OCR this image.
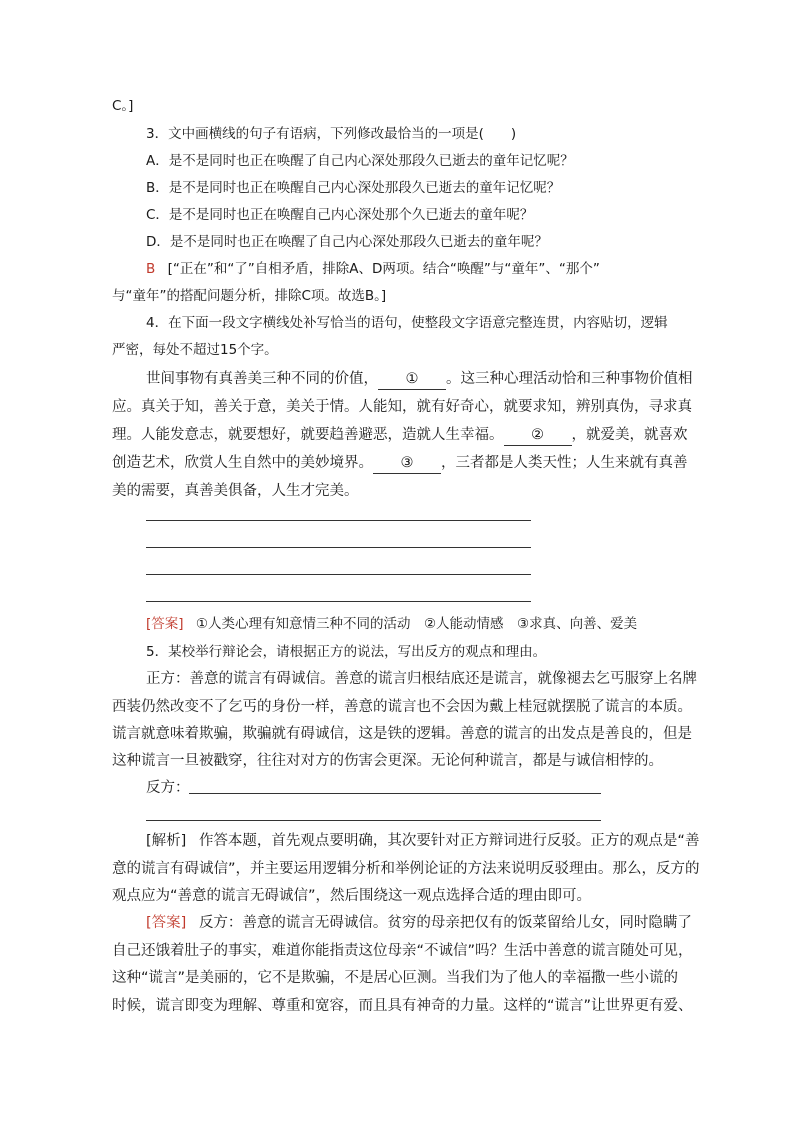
C。]
3．文中画横线的句子有语病，下列修改最恰当的一项是(　　)
A．是不是同时也正在唤醒了自己内心深处那段久已逝去的童年记忆呢？
B．是不是同时也正在唤醒自己内心深处那段久已逝去的童年记忆呢？
C．是不是同时也正在唤醒自己内心深处那个久已逝去的童年呢？
D．是不是同时也正在唤醒了自己内心深处那段久已逝去的童年呢？
B [“正在”和“了”自相矛盾，排除A、D两项。结合“唤醒”与“童年”、“那个”
与“童年”的搭配问题分析，排除C项。故选B。]
4．在下面一段文字横线处补写恰当的语句，使整段文字语意完整连贯，内容贴切，逻辑
严密，每处不超过15个字。
世间事物有真善美三种不同的价值， ① 。这三种心理活动恰和三种事物价值相
应。真关于知，善关于意，美关于情。人能知，就有好奇心，就要求知，辨别真伪，寻求真
理。人能发意志，就要想好，就要趋善避恶，造就人生幸福。 ② ，就爱美，就喜欢
创造艺术，欣赏人生自然中的美妙境界。 ③ ，三者都是人类天性；人生来就有真善
美的需要，真善美俱备，人生才完美。
[答案] ①人类心理有知意情三种不同的活动　②人能动情感　③求真、向善、爱美
5．某校举行辩论会，请根据正方的说法，写出反方的观点和理由。
正方：善意的谎言有碍诚信。善意的谎言归根结底还是谎言，就像褪去乞丐服穿上名牌
西装仍然改变不了乞丐的身份一样，善意的谎言也不会因为戴上桂冠就摆脱了谎言的本质。
谎言就意味着欺骗，欺骗就有碍诚信，这是铁的逻辑。善意的谎言的出发点是善良的，但是
这种谎言一旦被戳穿，往往对对方的伤害会更深。无论何种谎言，都是与诚信相悖的。
反方：
[解析] 作答本题，首先观点要明确，其次要针对正方辩词进行反驳。正方的观点是“善
意的谎言有碍诚信”，并主要运用逻辑分析和举例论证的方法来说明反驳理由。那么，反方的
观点应为“善意的谎言无碍诚信”，然后围绕这一观点选择合适的理由即可。
[答案] 反方：善意的谎言无碍诚信。贫穷的母亲把仅有的饭菜留给儿女，同时隐瞒了
自己还饿着肚子的事实，难道你能指责这位母亲“不诚信”吗？生活中善意的谎言随处可见，
这种“谎言”是美丽的，它不是欺骗，不是居心叵测。当我们为了他人的幸福撒一些小谎的
时候，谎言即变为理解、尊重和宽容，而且具有神奇的力量。这样的“谎言”让世界更有爱、
